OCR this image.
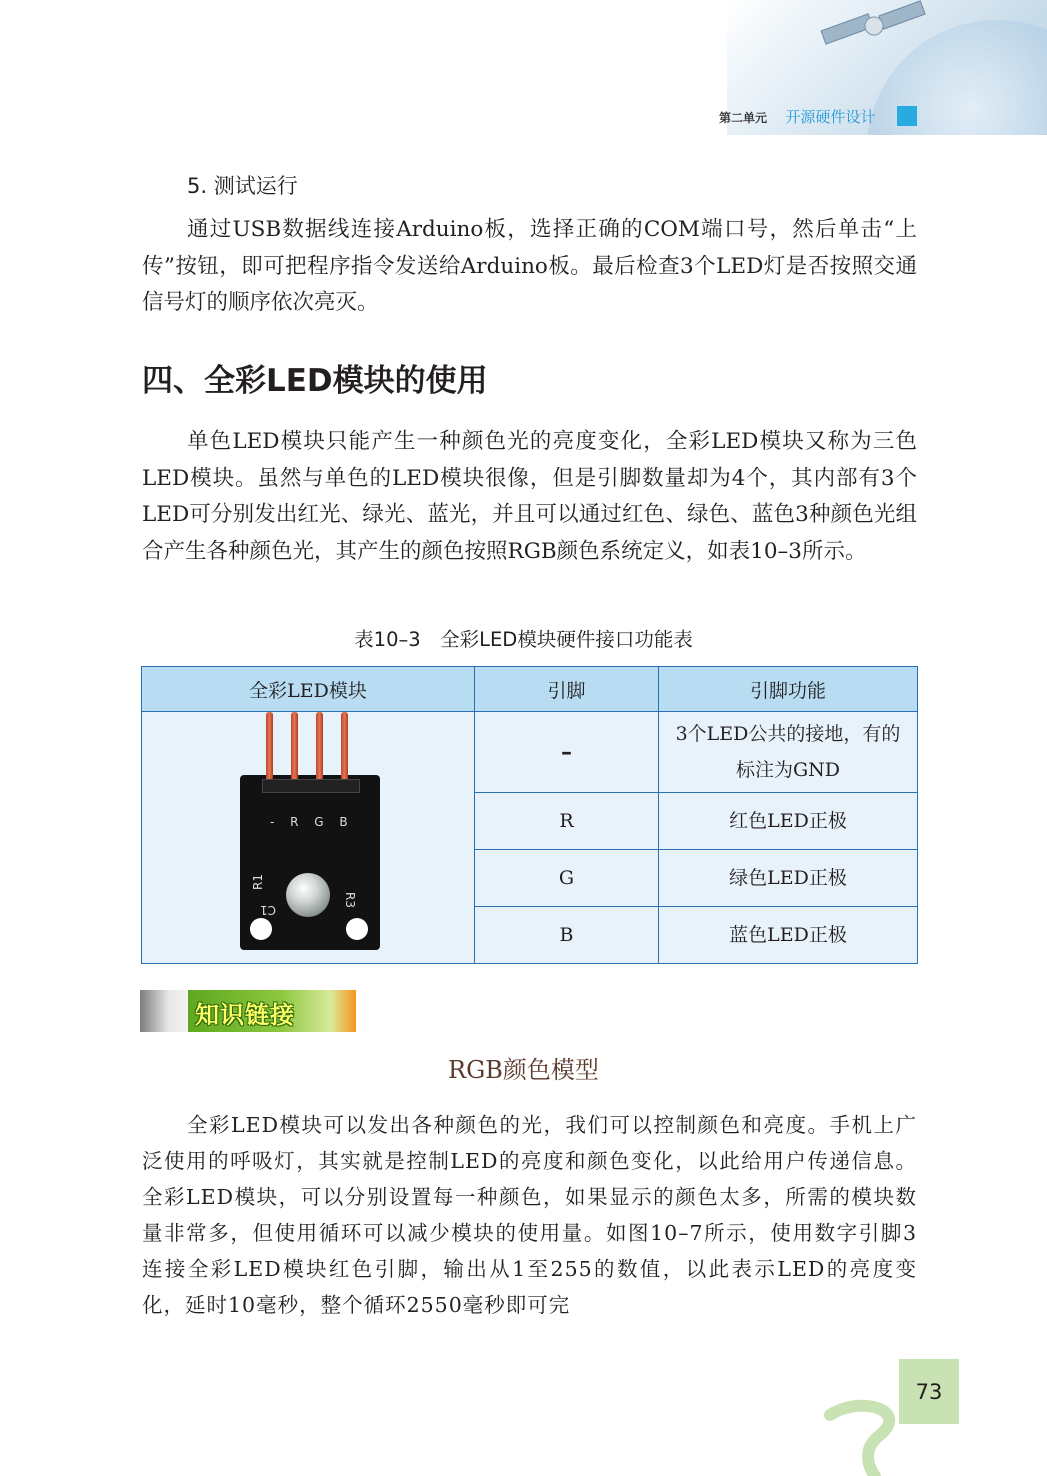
第二单元 开源硬件设计
5. 测试运行

通过USB数据线连接Arduino板，选择正确的COM端口号，然后单击“上传”按钮，即可把程序指令发送给Arduino板。最后检查3个LED灯是否按照交通信号灯的顺序依次亮灭。

四、全彩LED模块的使用

单色LED模块只能产生一种颜色光的亮度变化，全彩LED模块又称为三色LED模块。虽然与单色的LED模块很像，但是引脚数量却为4个，其内部有3个LED可分别发出红光、绿光、蓝光，并且可以通过红色、绿色、蓝色3种颜色光组合产生各种颜色光，其产生的颜色按照RGB颜色系统定义，如表10–3所示。

表10–3　全彩LED模块硬件接口功能表
全彩LED模块	引脚	引脚功能

- R G B
R1
R3
C1	–	3个LED公共的接地，有的标注为GND
	R	红色LED正极
	G	绿色LED正极
	B	蓝色LED正极
知识链接
RGB颜色模型

全彩LED模块可以发出各种颜色的光，我们可以控制颜色和亮度。手机上广泛使用的呼吸灯，其实就是控制LED的亮度和颜色变化，以此给用户传递信息。全彩LED模块，可以分别设置每一种颜色，如果显示的颜色太多，所需的模块数量非常多，但使用循环可以减少模块的使用量。如图10–7所示，使用数字引脚3连接全彩LED模块红色引脚，输出从1至255的数值，以此表示LED的亮度变化，延时10毫秒，整个循环2550毫秒即可完

73
